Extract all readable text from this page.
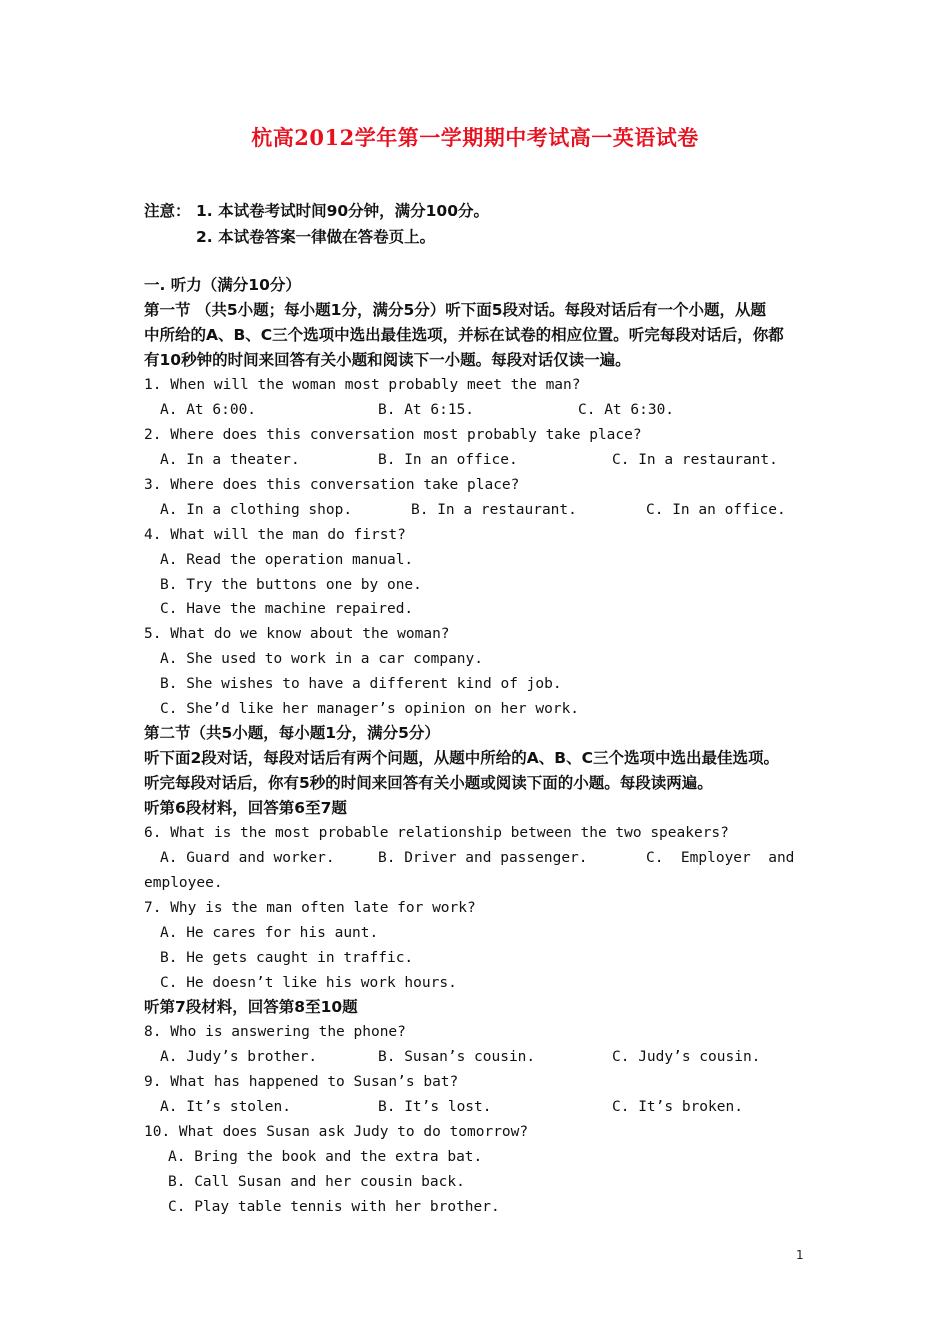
杭高2012学年第一学期期中考试高一英语试卷
注意： 1. 本试卷考试时间90分钟，满分100分。
2. 本试卷答案一律做在答卷页上。
一. 听力（满分10分）
第一节 （共5小题；每小题1分，满分5分）听下面5段对话。每段对话后有一个小题，从题
中所给的A、B、C三个选项中选出最佳选项，并标在试卷的相应位置。听完每段对话后，你都
有10秒钟的时间来回答有关小题和阅读下一小题。每段对话仅读一遍。
1. When will the woman most probably meet the man?
A. At 6:00.	B. At 6:15.	C. At 6:30.
2. Where does this conversation most probably take place?
A. In a theater.	B. In an office.	C. In a restaurant.
3. Where does this conversation take place?
A. In a clothing shop.	B. In a restaurant.	C. In an office.
4. What will the man do first?
A. Read the operation manual.
B. Try the buttons one by one.
C. Have the machine repaired.
5. What do we know about the woman?
A. She used to work in a car company.
B. She wishes to have a different kind of job.
C. She’d like her manager’s opinion on her work.
第二节（共5小题，每小题1分，满分5分）
听下面2段对话，每段对话后有两个问题，从题中所给的A、B、C三个选项中选出最佳选项。
听完每段对话后，你有5秒的时间来回答有关小题或阅读下面的小题。每段读两遍。
听第6段材料，回答第6至7题
6. What is the most probable relationship between the two speakers?
A. Guard and worker.	B. Driver and passenger.	C.  Employer  and
employee.
7. Why is the man often late for work?
A. He cares for his aunt.
B. He gets caught in traffic.
C. He doesn’t like his work hours.
听第7段材料，回答第8至10题
8. Who is answering the phone?
A. Judy’s brother.	B. Susan’s cousin.	C. Judy’s cousin.
9. What has happened to Susan’s bat?
A. It’s stolen.	B. It’s lost.	C. It’s broken.
10. What does Susan ask Judy to do tomorrow?
A. Bring the book and the extra bat.
B. Call Susan and her cousin back.
C. Play table tennis with her brother.
1
